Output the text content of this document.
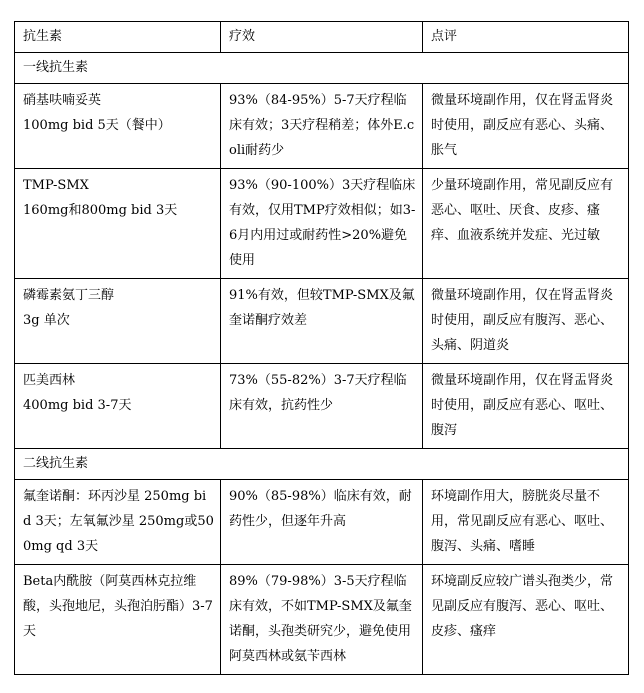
抗生素	疗效	点评
一线抗生素		

硝基呋喃妥英
100mg bid 5天（餐中）	93%（84-95%）5-7天疗程临床有效；3天疗程稍差；体外E.coli耐药少	微量环境副作用，仅在肾盂肾炎时使用，副反应有恶心、头痛、胀气

TMP-SMX
160mg和800mg bid 3天	93%（90-100%）3天疗程临床有效，仅用TMP疗效相似；如3-6月内用过或耐药性>20%避免使用	少量环境副作用，常见副反应有恶心、呕吐、厌食、皮疹、瘙痒、血液系统并发症、光过敏

磷霉素氨丁三醇
3g 单次	91%有效，但较TMP-SMX及氟奎诺酮疗效差	微量环境副作用，仅在肾盂肾炎时使用，副反应有腹泻、恶心、头痛、阴道炎

匹美西林
400mg bid 3-7天	73%（55-82%）3-7天疗程临床有效，抗药性少	微量环境副作用，仅在肾盂肾炎时使用，副反应有恶心、呕吐、腹泻
二线抗生素		
氟奎诺酮：环丙沙星 250mg bid 3天；左氧氟沙星 250mg或500mg qd 3天	90%（85-98%）临床有效，耐药性少，但逐年升高	环境副作用大，膀胱炎尽量不用，常见副反应有恶心、呕吐、腹泻、头痛、嗜睡
Beta内酰胺（阿莫西林克拉维酸，头孢地尼，头孢泊肟酯）3-7天	89%（79-98%）3-5天疗程临床有效，不如TMP-SMX及氟奎诺酮，头孢类研究少，避免使用阿莫西林或氨苄西林	环境副反应较广谱头孢类少，常见副反应有腹泻、恶心、呕吐、皮疹、瘙痒
